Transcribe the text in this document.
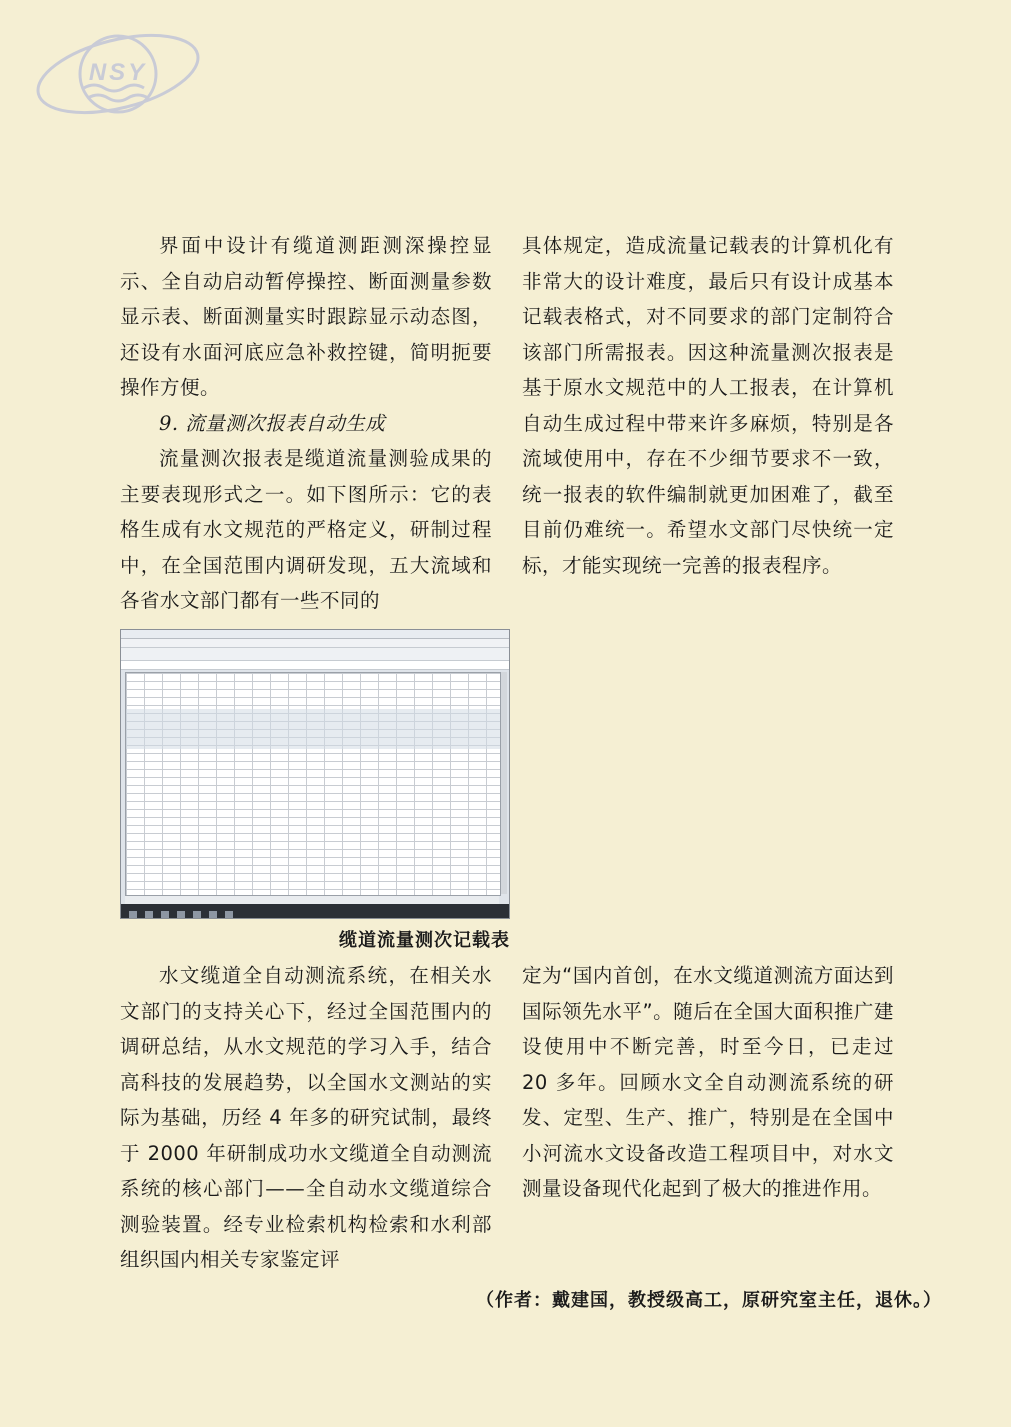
NSY

界面中设计有缆道测距测深操控显示、全自动启动暂停操控、断面测量参数显示表、断面测量实时跟踪显示动态图，还设有水面河底应急补救控键，简明扼要操作方便。

9. 流量测次报表自动生成

流量测次报表是缆道流量测验成果的主要表现形式之一。如下图所示：它的表格生成有水文规范的严格定义，研制过程中，在全国范围内调研发现，五大流域和各省水文部门都有一些不同的

具体规定，造成流量记载表的计算机化有非常大的设计难度，最后只有设计成基本记载表格式，对不同要求的部门定制符合该部门所需报表。因这种流量测次报表是基于原水文规范中的人工报表，在计算机自动生成过程中带来许多麻烦，特别是各流域使用中，存在不少细节要求不一致，统一报表的软件编制就更加困难了，截至目前仍难统一。希望水文部门尽快统一定标，才能实现统一完善的报表程序。

缆道流量测次记载表

水文缆道全自动测流系统，在相关水文部门的支持关心下，经过全国范围内的调研总结，从水文规范的学习入手，结合高科技的发展趋势，以全国水文测站的实际为基础，历经 4 年多的研究试制，最终于 2000 年研制成功水文缆道全自动测流系统的核心部门——全自动水文缆道综合测验装置。经专业检索机构检索和水利部组织国内相关专家鉴定评

定为“国内首创，在水文缆道测流方面达到国际领先水平”。随后在全国大面积推广建设使用中不断完善，时至今日，已走过 20 多年。回顾水文全自动测流系统的研发、定型、生产、推广，特别是在全国中小河流水文设备改造工程项目中，对水文测量设备现代化起到了极大的推进作用。

（作者：戴建国，教授级高工，原研究室主任，退休。）
